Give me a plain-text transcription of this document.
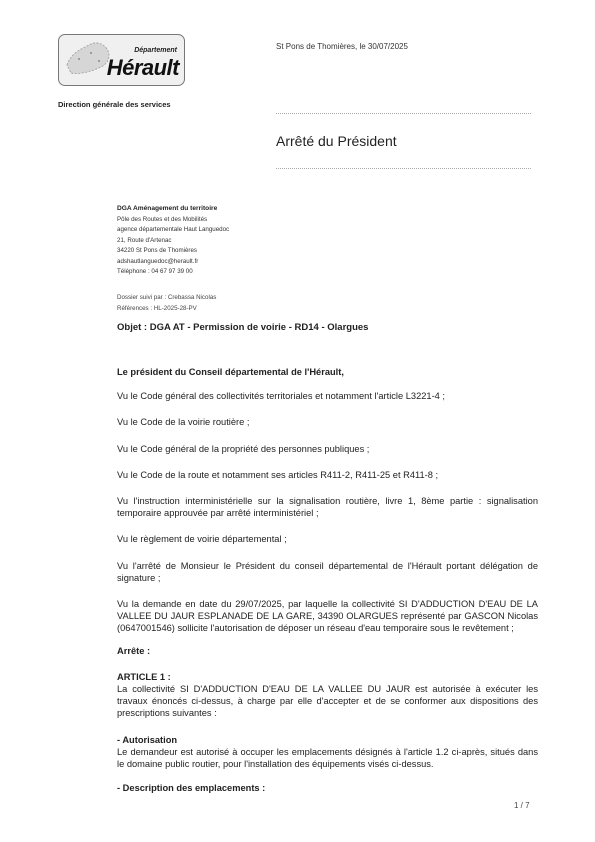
Département
Hérault
Direction générale des services
St Pons de Thomières, le 30/07/2025
Arrêté du Président
DGA Aménagement du territoire
Pôle des Routes et des Mobilités
agence départementale Haut Languedoc
21, Route d'Artenac
34220 St Pons de Thomières
adshautlanguedoc@herault.fr
Téléphone : 04 67 97 39 00
Dossier suivi par : Crebassa Nicolas
Références : HL-2025-28-PV
Objet : DGA AT - Permission de voirie - RD14 - Olargues

Le président du Conseil départemental de l'Hérault,

Vu le Code général des collectivités territoriales et notamment l'article L3221-4 ;

Vu le Code de la voirie routière ;

Vu le Code général de la propriété des personnes publiques ;

Vu le Code de la route et notamment ses articles R411-2, R411-25 et R411-8 ;

Vu l'instruction interministérielle sur la signalisation routière, livre 1, 8ème partie : signalisation temporaire approuvée par arrêté interministériel ;

Vu le règlement de voirie départemental ;

Vu l'arrêté de Monsieur le Président du conseil départemental de l'Hérault portant délégation de signature ;

Vu la demande en date du 29/07/2025, par laquelle la collectivité SI D'ADDUCTION D'EAU DE LA VALLEE DU JAUR ESPLANADE DE LA GARE, 34390 OLARGUES représenté par GASCON Nicolas (0647001546) sollicite l'autorisation de déposer un réseau d'eau temporaire sous le revêtement ;

Arrête :

ARTICLE 1 :

La collectivité SI D'ADDUCTION D'EAU DE LA VALLEE DU JAUR est autorisée à exécuter les travaux énoncés ci-dessus, à charge par elle d'accepter et de se conformer aux dispositions des prescriptions suivantes :

- Autorisation

Le demandeur est autorisé à occuper les emplacements désignés à l'article 1.2 ci-après, situés dans le domaine public routier, pour l'installation des équipements visés ci-dessus.

- Description des emplacements :

1 / 7
